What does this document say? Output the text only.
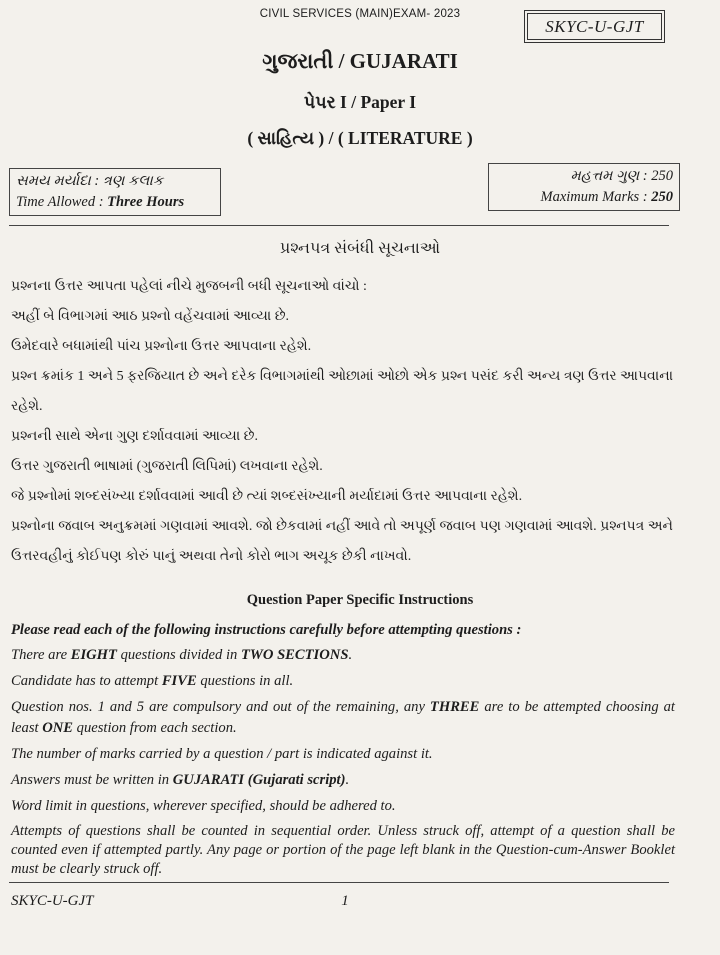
CIVIL SERVICES (MAIN)EXAM- 2023
SKYC-U-GJT
ગુજરાતી / GUJARATI
પેપર I / Paper I
( સાહિત્ય ) / ( LITERATURE )
સમય મર્યાદા : ત્રણ કલાક
Time Allowed : Three Hours
મહત્તમ ગુણ : 250
Maximum Marks : 250
પ્રશ્નપત્ર સંબંધી સૂચનાઓ

પ્રશ્નના ઉત્તર આપતા પહેલાં નીચે મુજબની બધી સૂચનાઓ વાંચો :

અહીં બે વિભાગમાં આઠ પ્રશ્નો વહેંચવામાં આવ્યા છે.

ઉમેદવારે બધામાંથી પાંચ પ્રશ્નોના ઉત્તર આપવાના રહેશે.

પ્રશ્ન ક્રમાંક 1 અને 5 ફરજિયાત છે અને દરેક વિભાગમાંથી ઓછામાં ઓછો એક પ્રશ્ન પસંદ કરી અન્ય ત્રણ ઉત્તર આપવાના રહેશે.

પ્રશ્નની સાથે એના ગુણ દર્શાવવામાં આવ્યા છે.

ઉત્તર ગુજરાતી ભાષામાં (ગુજરાતી લિપિમાં) લખવાના રહેશે.

જે પ્રશ્નોમાં શબ્દસંખ્યા દર્શાવવામાં આવી છે ત્યાં શબ્દસંખ્યાની મર્યાદામાં ઉત્તર આપવાના રહેશે.

પ્રશ્નોના જવાબ અનુક્રમમાં ગણવામાં આવશે. જો છેકવામાં નહીં આવે તો અપૂર્ણ જવાબ પણ ગણવામાં આવશે. પ્રશ્નપત્ર અને ઉત્તરવહીનું કોઈપણ કોરું પાનું અથવા તેનો કોરો ભાગ અચૂક છેકી નાખવો.

Question Paper Specific Instructions

Please read each of the following instructions carefully before attempting questions :

There are EIGHT questions divided in TWO SECTIONS.

Candidate has to attempt FIVE questions in all.

Question nos. 1 and 5 are compulsory and out of the remaining, any THREE are to be attempted choosing at least ONE question from each section.

The number of marks carried by a question / part is indicated against it.

Answers must be written in GUJARATI (Gujarati script).

Word limit in questions, wherever specified, should be adhered to.

Attempts of questions shall be counted in sequential order. Unless struck off, attempt of a question shall be counted even if attempted partly. Any page or portion of the page left blank in the Question-cum-Answer Booklet must be clearly struck off.

SKYC-U-GJT	1
